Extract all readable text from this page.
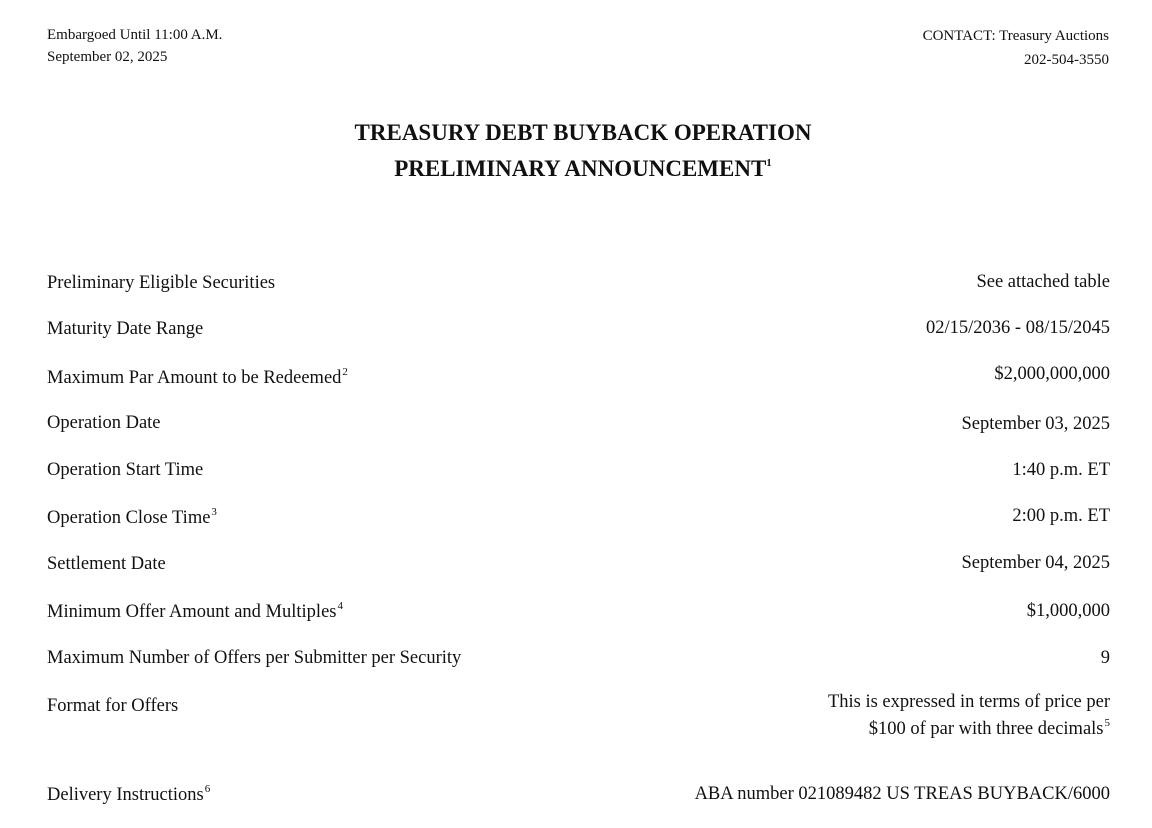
Embargoed Until 11:00 A.M.
September 02, 2025
CONTACT: Treasury Auctions
202-504-3550
TREASURY DEBT BUYBACK OPERATION
PRELIMINARY ANNOUNCEMENT$^1$
Preliminary Eligible Securities	See attached table
Maturity Date Range	02/15/2036 - 08/15/2045
Maximum Par Amount to be Redeemed$^2$	$2,000,000,000
Operation Date	September 03, 2025
Operation Start Time	1:40 p.m. ET
Operation Close Time$^3$	2:00 p.m. ET
Settlement Date	September 04, 2025
Minimum Offer Amount and Multiples$^4$	$1,000,000
Maximum Number of Offers per Submitter per Security	9
Format for Offers	This is expressed in terms of price per
$100 of par with three decimals$^5$
Delivery Instructions$^6$	ABA number 021089482 US TREAS BUYBACK/6000
